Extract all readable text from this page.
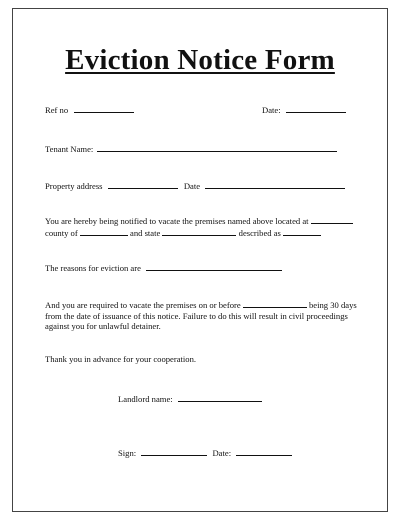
Eviction Notice Form
Ref no	Date:
Tenant Name:
Property address	Date
You are hereby being notified to vacate the premises named above located at
county of	and state	described as
The reasons for eviction are
And you are required to vacate the premises on or before	being 30 days from the date of issuance of this notice. Failure to do this will result in civil proceedings against you for unlawful detainer.
Thank you in advance for your cooperation.
Landlord name:
Sign:	Date:
